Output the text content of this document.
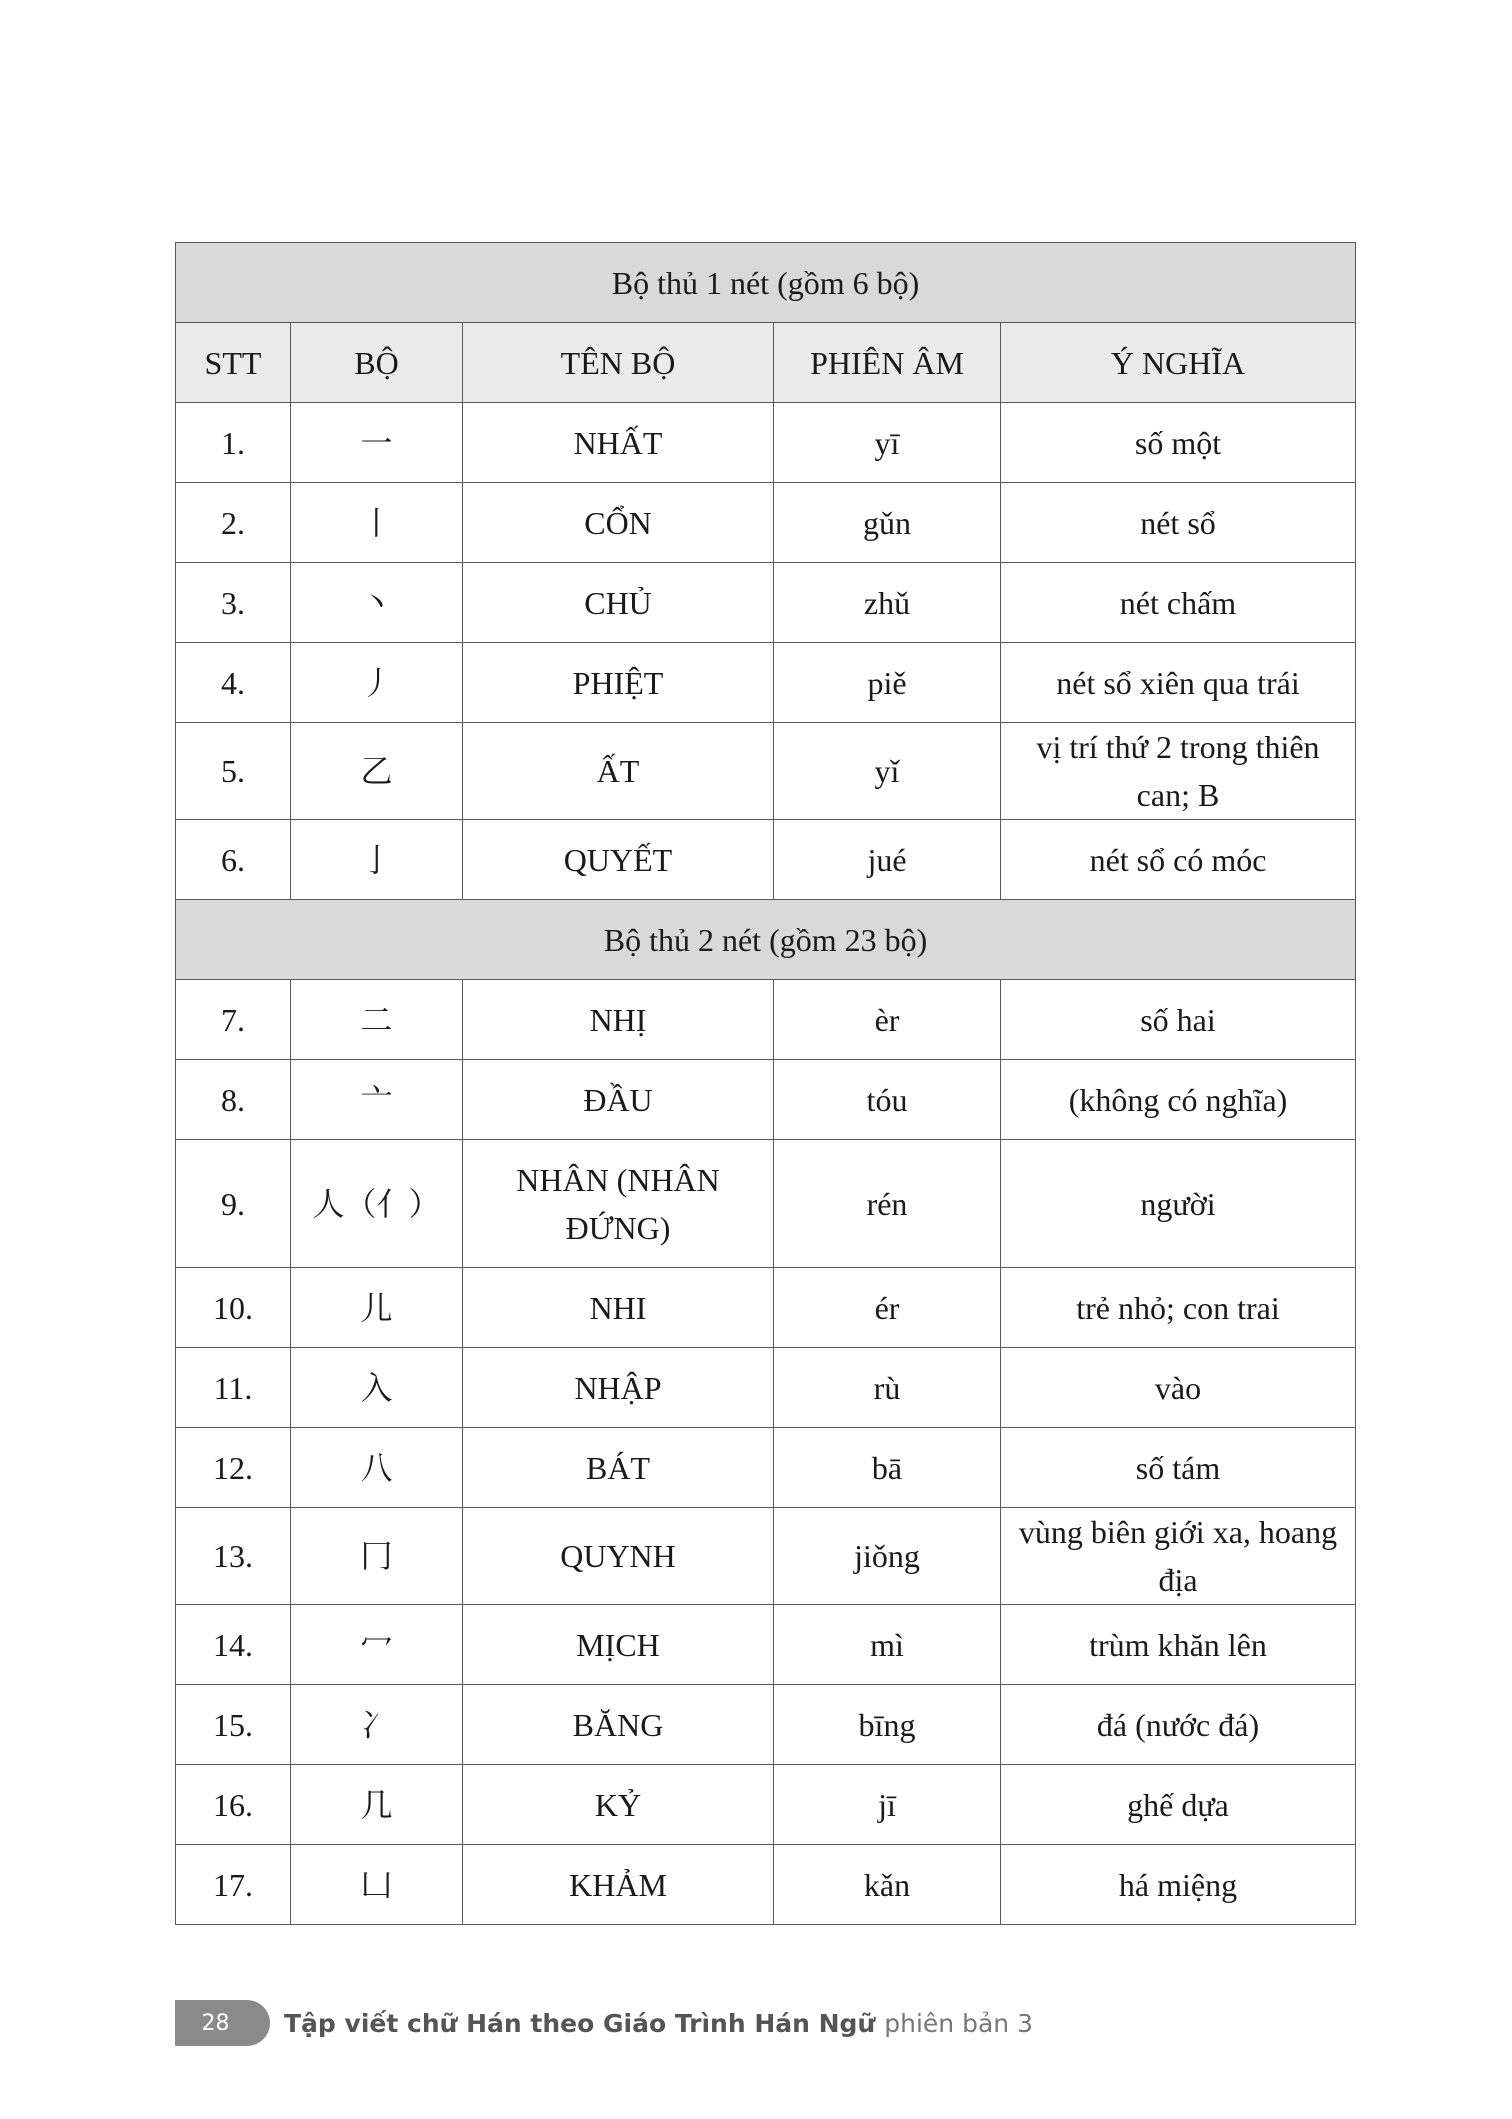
Bộ thủ 1 nét (gồm 6 bộ)				
STT	BỘ	TÊN BỘ	PHIÊN ÂM	Ý NGHĨA
1.	一	NHẤT	yī	số một
2.	丨	CỔN	gǔn	nét sổ
3.	丶	CHỦ	zhǔ	nét chấm
4.	丿	PHIỆT	piě	nét sổ xiên qua trái
5.	乙	ẤT	yǐ	vị trí thứ 2 trong thiên can; B
6.	亅	QUYẾT	jué	nét sổ có móc
Bộ thủ 2 nét (gồm 23 bộ)				
7.	二	NHỊ	èr	số hai
8.	亠	ĐẦU	tóu	(không có nghĩa)
9.	人（亻）	NHÂN (NHÂN ĐỨNG)	rén	người
10.	儿	NHI	ér	trẻ nhỏ; con trai
11.	入	NHẬP	rù	vào
12.	八	BÁT	bā	số tám
13.	冂	QUYNH	jiǒng	vùng biên giới xa, hoang địa
14.	冖	MỊCH	mì	trùm khăn lên
15.	冫	BĂNG	bīng	đá (nước đá)
16.	几	KỶ	jī	ghế dựa
17.	凵	KHẢM	kǎn	há miệng
28 Tập viết chữ Hán theo Giáo Trình Hán Ngữ phiên bản 3
